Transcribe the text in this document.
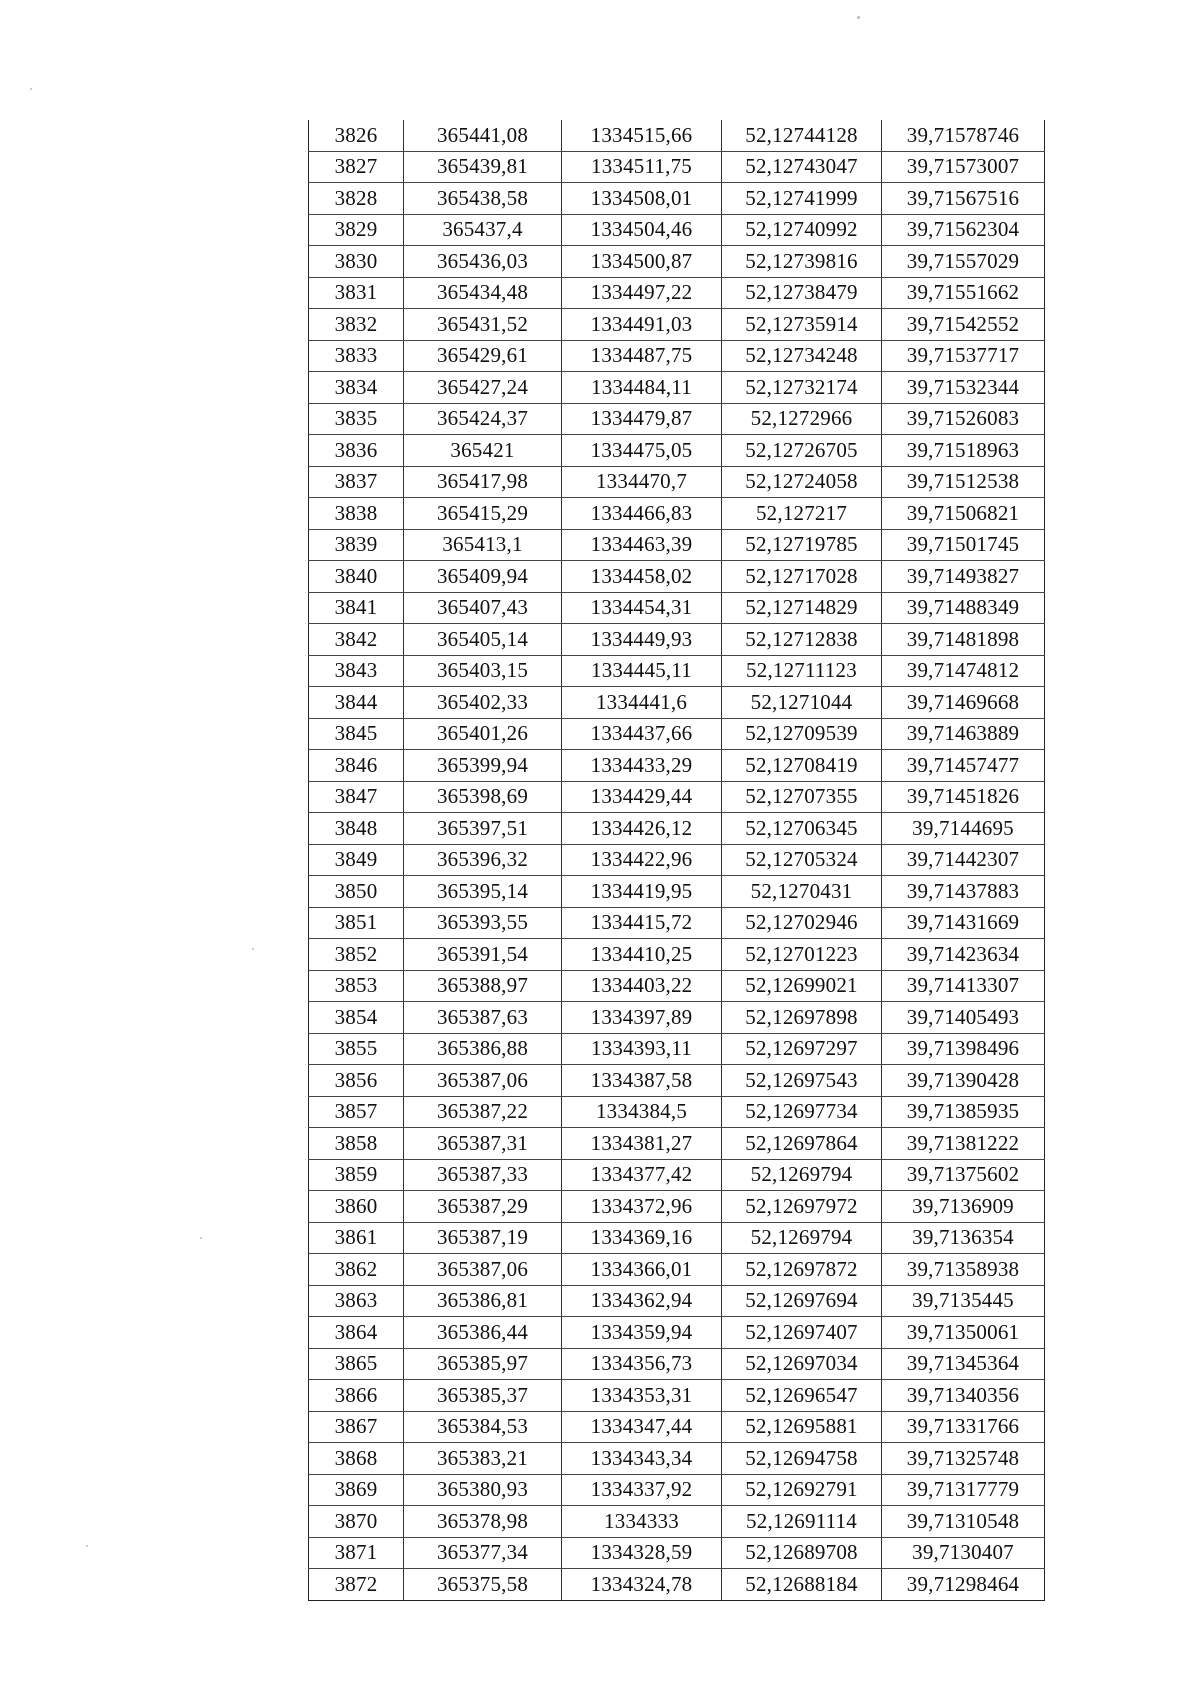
3826	365441,08	1334515,66	52,12744128	39,71578746
3827	365439,81	1334511,75	52,12743047	39,71573007
3828	365438,58	1334508,01	52,12741999	39,71567516
3829	365437,4	1334504,46	52,12740992	39,71562304
3830	365436,03	1334500,87	52,12739816	39,71557029
3831	365434,48	1334497,22	52,12738479	39,71551662
3832	365431,52	1334491,03	52,12735914	39,71542552
3833	365429,61	1334487,75	52,12734248	39,71537717
3834	365427,24	1334484,11	52,12732174	39,71532344
3835	365424,37	1334479,87	52,1272966	39,71526083
3836	365421	1334475,05	52,12726705	39,71518963
3837	365417,98	1334470,7	52,12724058	39,71512538
3838	365415,29	1334466,83	52,127217	39,71506821
3839	365413,1	1334463,39	52,12719785	39,71501745
3840	365409,94	1334458,02	52,12717028	39,71493827
3841	365407,43	1334454,31	52,12714829	39,71488349
3842	365405,14	1334449,93	52,12712838	39,71481898
3843	365403,15	1334445,11	52,12711123	39,71474812
3844	365402,33	1334441,6	52,1271044	39,71469668
3845	365401,26	1334437,66	52,12709539	39,71463889
3846	365399,94	1334433,29	52,12708419	39,71457477
3847	365398,69	1334429,44	52,12707355	39,71451826
3848	365397,51	1334426,12	52,12706345	39,7144695
3849	365396,32	1334422,96	52,12705324	39,71442307
3850	365395,14	1334419,95	52,1270431	39,71437883
3851	365393,55	1334415,72	52,12702946	39,71431669
3852	365391,54	1334410,25	52,12701223	39,71423634
3853	365388,97	1334403,22	52,12699021	39,71413307
3854	365387,63	1334397,89	52,12697898	39,71405493
3855	365386,88	1334393,11	52,12697297	39,71398496
3856	365387,06	1334387,58	52,12697543	39,71390428
3857	365387,22	1334384,5	52,12697734	39,71385935
3858	365387,31	1334381,27	52,12697864	39,71381222
3859	365387,33	1334377,42	52,1269794	39,71375602
3860	365387,29	1334372,96	52,12697972	39,7136909
3861	365387,19	1334369,16	52,1269794	39,7136354
3862	365387,06	1334366,01	52,12697872	39,71358938
3863	365386,81	1334362,94	52,12697694	39,7135445
3864	365386,44	1334359,94	52,12697407	39,71350061
3865	365385,97	1334356,73	52,12697034	39,71345364
3866	365385,37	1334353,31	52,12696547	39,71340356
3867	365384,53	1334347,44	52,12695881	39,71331766
3868	365383,21	1334343,34	52,12694758	39,71325748
3869	365380,93	1334337,92	52,12692791	39,71317779
3870	365378,98	1334333	52,12691114	39,71310548
3871	365377,34	1334328,59	52,12689708	39,7130407
3872	365375,58	1334324,78	52,12688184	39,71298464
